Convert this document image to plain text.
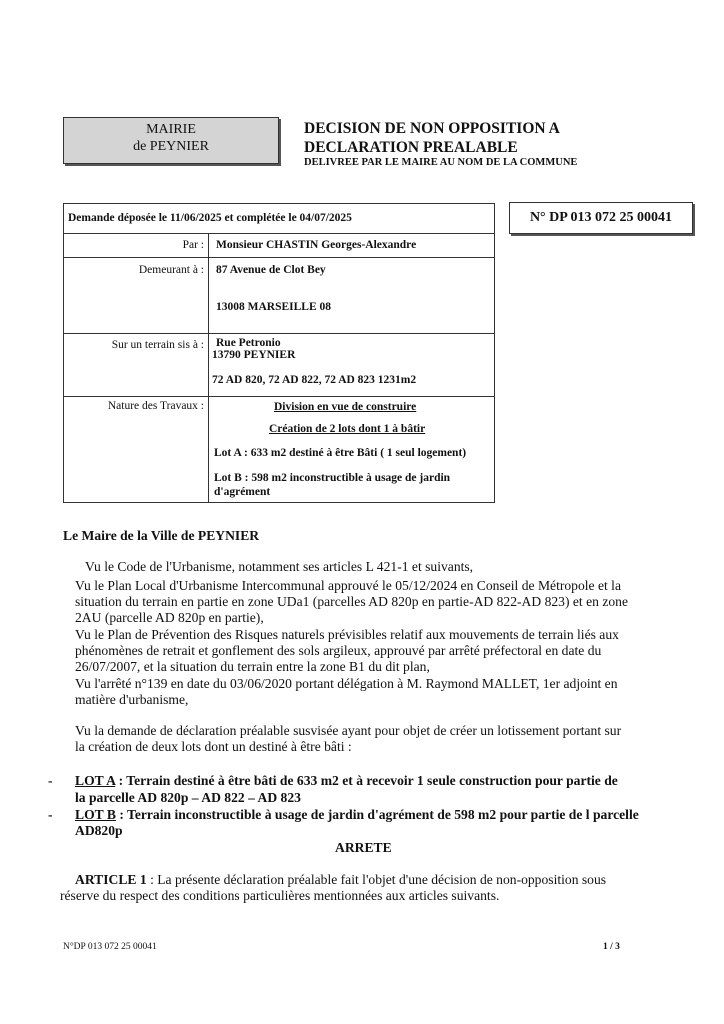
MAIRIE
de PEYNIER
DECISION DE NON OPPOSITION A
DECLARATION PREALABLE
DELIVREE PAR LE MAIRE AU NOM DE LA COMMUNE
N° DP 013 072 25 00041
Demande déposée le 11/06/2025 et complétée le 04/07/2025
Par : Monsieur CHASTIN Georges-Alexandre
Demeurant à : 87 Avenue de Clot Bey
13008 MARSEILLE 08
Sur un terrain sis à : Rue Petronio
13790 PEYNIER
72 AD 820, 72 AD 822, 72 AD 823 1231m2
Nature des Travaux :	Division en vue de construire
Création de 2 lots dont 1 à bâtir
Lot A : 633 m2 destiné à être Bâti ( 1 seul logement)
Lot B : 598 m2 inconstructible à usage de jardin
d'agrément
Le Maire de la Ville de PEYNIER
Vu le Code de l'Urbanisme, notamment ses articles L 421-1 et suivants,
Vu le Plan Local d'Urbanisme Intercommunal approuvé le 05/12/2024 en Conseil de Métropole et la
situation du terrain en partie en zone UDa1 (parcelles AD 820p en partie-AD 822-AD 823) et en zone
2AU (parcelle AD 820p en partie),
Vu le Plan de Prévention des Risques naturels prévisibles relatif aux mouvements de terrain liés aux
phénomènes de retrait et gonflement des sols argileux, approuvé par arrêté préfectoral en date du
26/07/2007, et la situation du terrain entre la zone B1 du dit plan,
Vu l'arrêté n°139 en date du 03/06/2020 portant délégation à M. Raymond MALLET, 1er adjoint en
matière d'urbanisme,
Vu la demande de déclaration préalable susvisée ayant pour objet de créer un lotissement portant sur
la création de deux lots dont un destiné à être bâti :
- LOT A : Terrain destiné à être bâti de 633 m2 et à recevoir 1 seule construction pour partie de
la parcelle AD 820p – AD 822 – AD 823
- LOT B : Terrain inconstructible à usage de jardin d'agrément de 598 m2 pour partie de l parcelle
AD820p
ARRETE
ARTICLE 1 : La présente déclaration préalable fait l'objet d'une décision de non-opposition sous
réserve du respect des conditions particulières mentionnées aux articles suivants.
N°DP 013 072 25 00041	1 / 3
